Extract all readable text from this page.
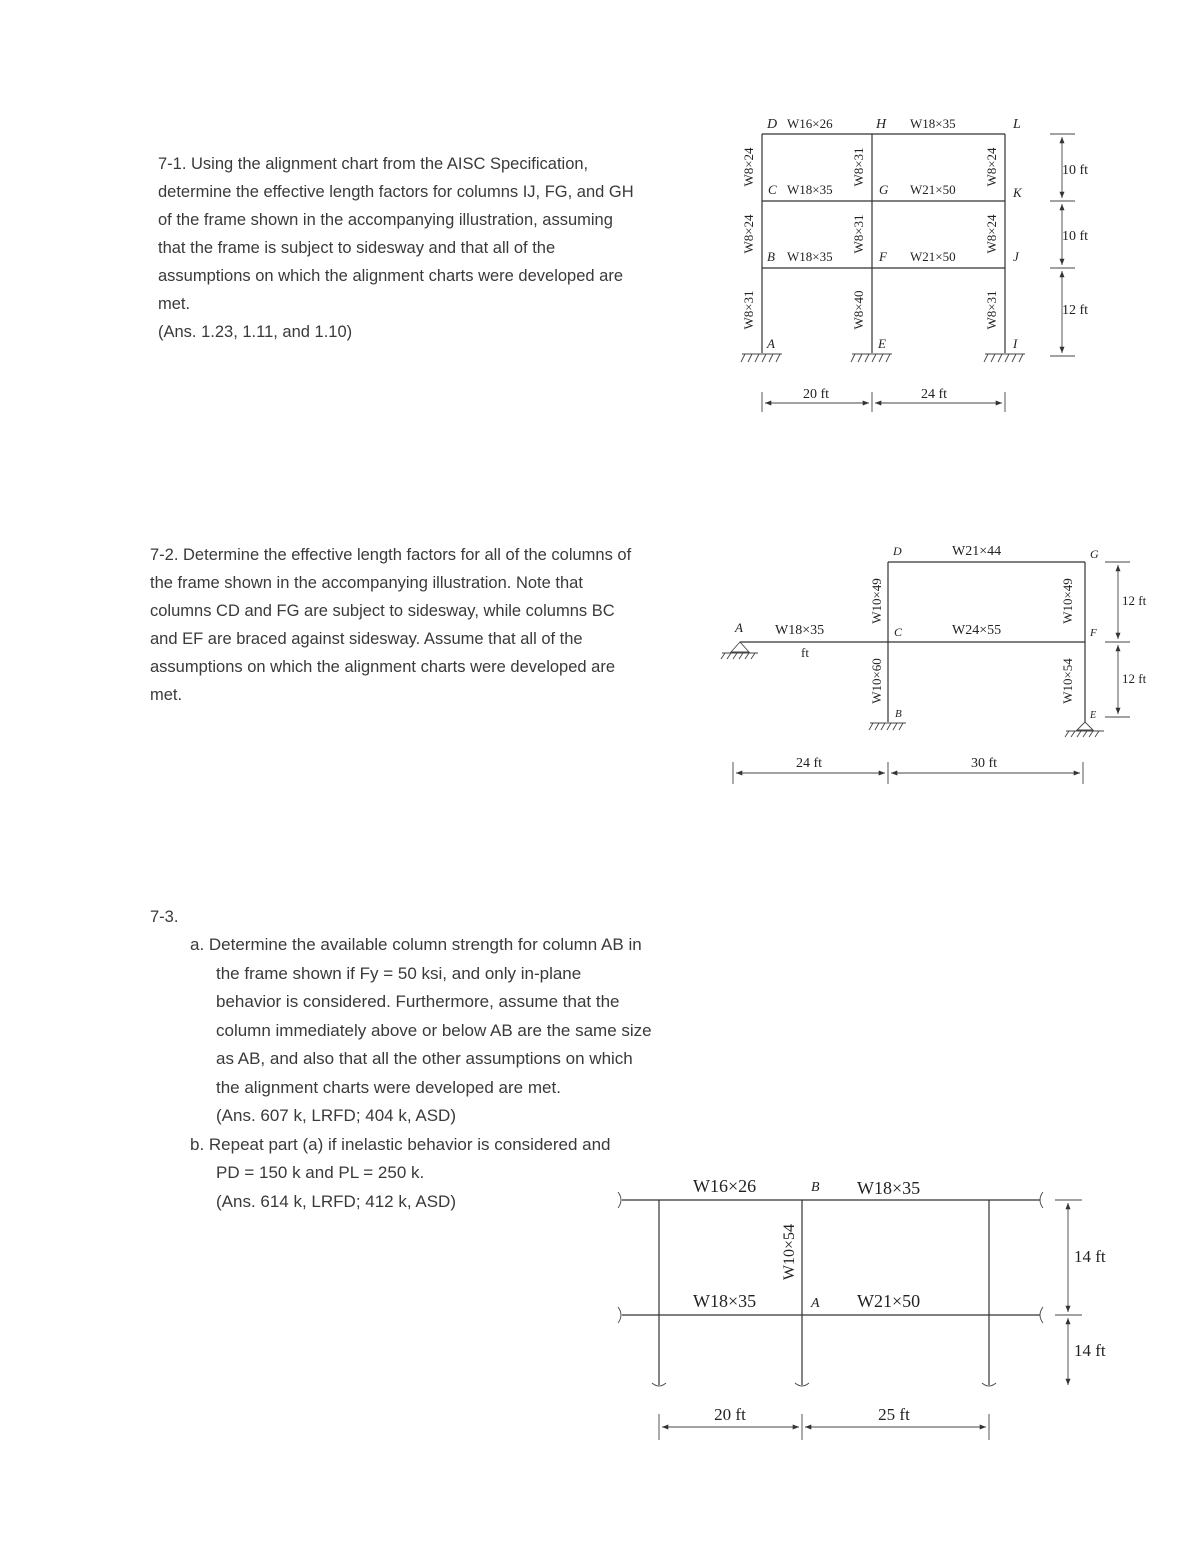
7-1. Using the alignment chart from the AISC Specification,

determine the effective length factors for columns IJ, FG, and GH

of the frame shown in the accompanying illustration, assuming

that the frame is subject to sidesway and that all of the

assumptions on which the alignment charts were developed are

met.

(Ans. 1.23, 1.11, and 1.10)

7-2. Determine the effective length factors for all of the columns of

the frame shown in the accompanying illustration. Note that

columns CD and FG are subject to sidesway, while columns BC

and EF are braced against sidesway. Assume that all of the

assumptions on which the alignment charts were developed are

met.

7-3.

a. Determine the available column strength for column AB in

the frame shown if Fy = 50 ksi, and only in-plane

behavior is considered. Furthermore, assume that the

column immediately above or below AB are the same size

as AB, and also that all the other assumptions on which

the alignment charts were developed are met.

(Ans. 607 k, LRFD; 404 k, ASD)

b. Repeat part (a) if inelastic behavior is considered and

PD = 150 k and PL = 250 k.

(Ans. 614 k, LRFD; 412 k, ASD)

D	H	L
C	G	K
B	F	J
A	E	I
W16×26	W18×35
W18×35	W21×50
W18×35	W21×50
W8×24
W8×24
W8×31
W8×31
W8×31
W8×40
W8×24
W8×24
W8×31
10 ft
10 ft
12 ft
20 ft	24 ft
D	G
A	C	F
B	E
W21×44
W18×35	W24×55
ft
W10×49
W10×60
W10×49
W10×54
12 ft
12 ft
24 ft	30 ft
W16×26	W18×35
W18×35	W21×50
B
A
W10×54	14 ft
14 ft
20 ft	25 ft
